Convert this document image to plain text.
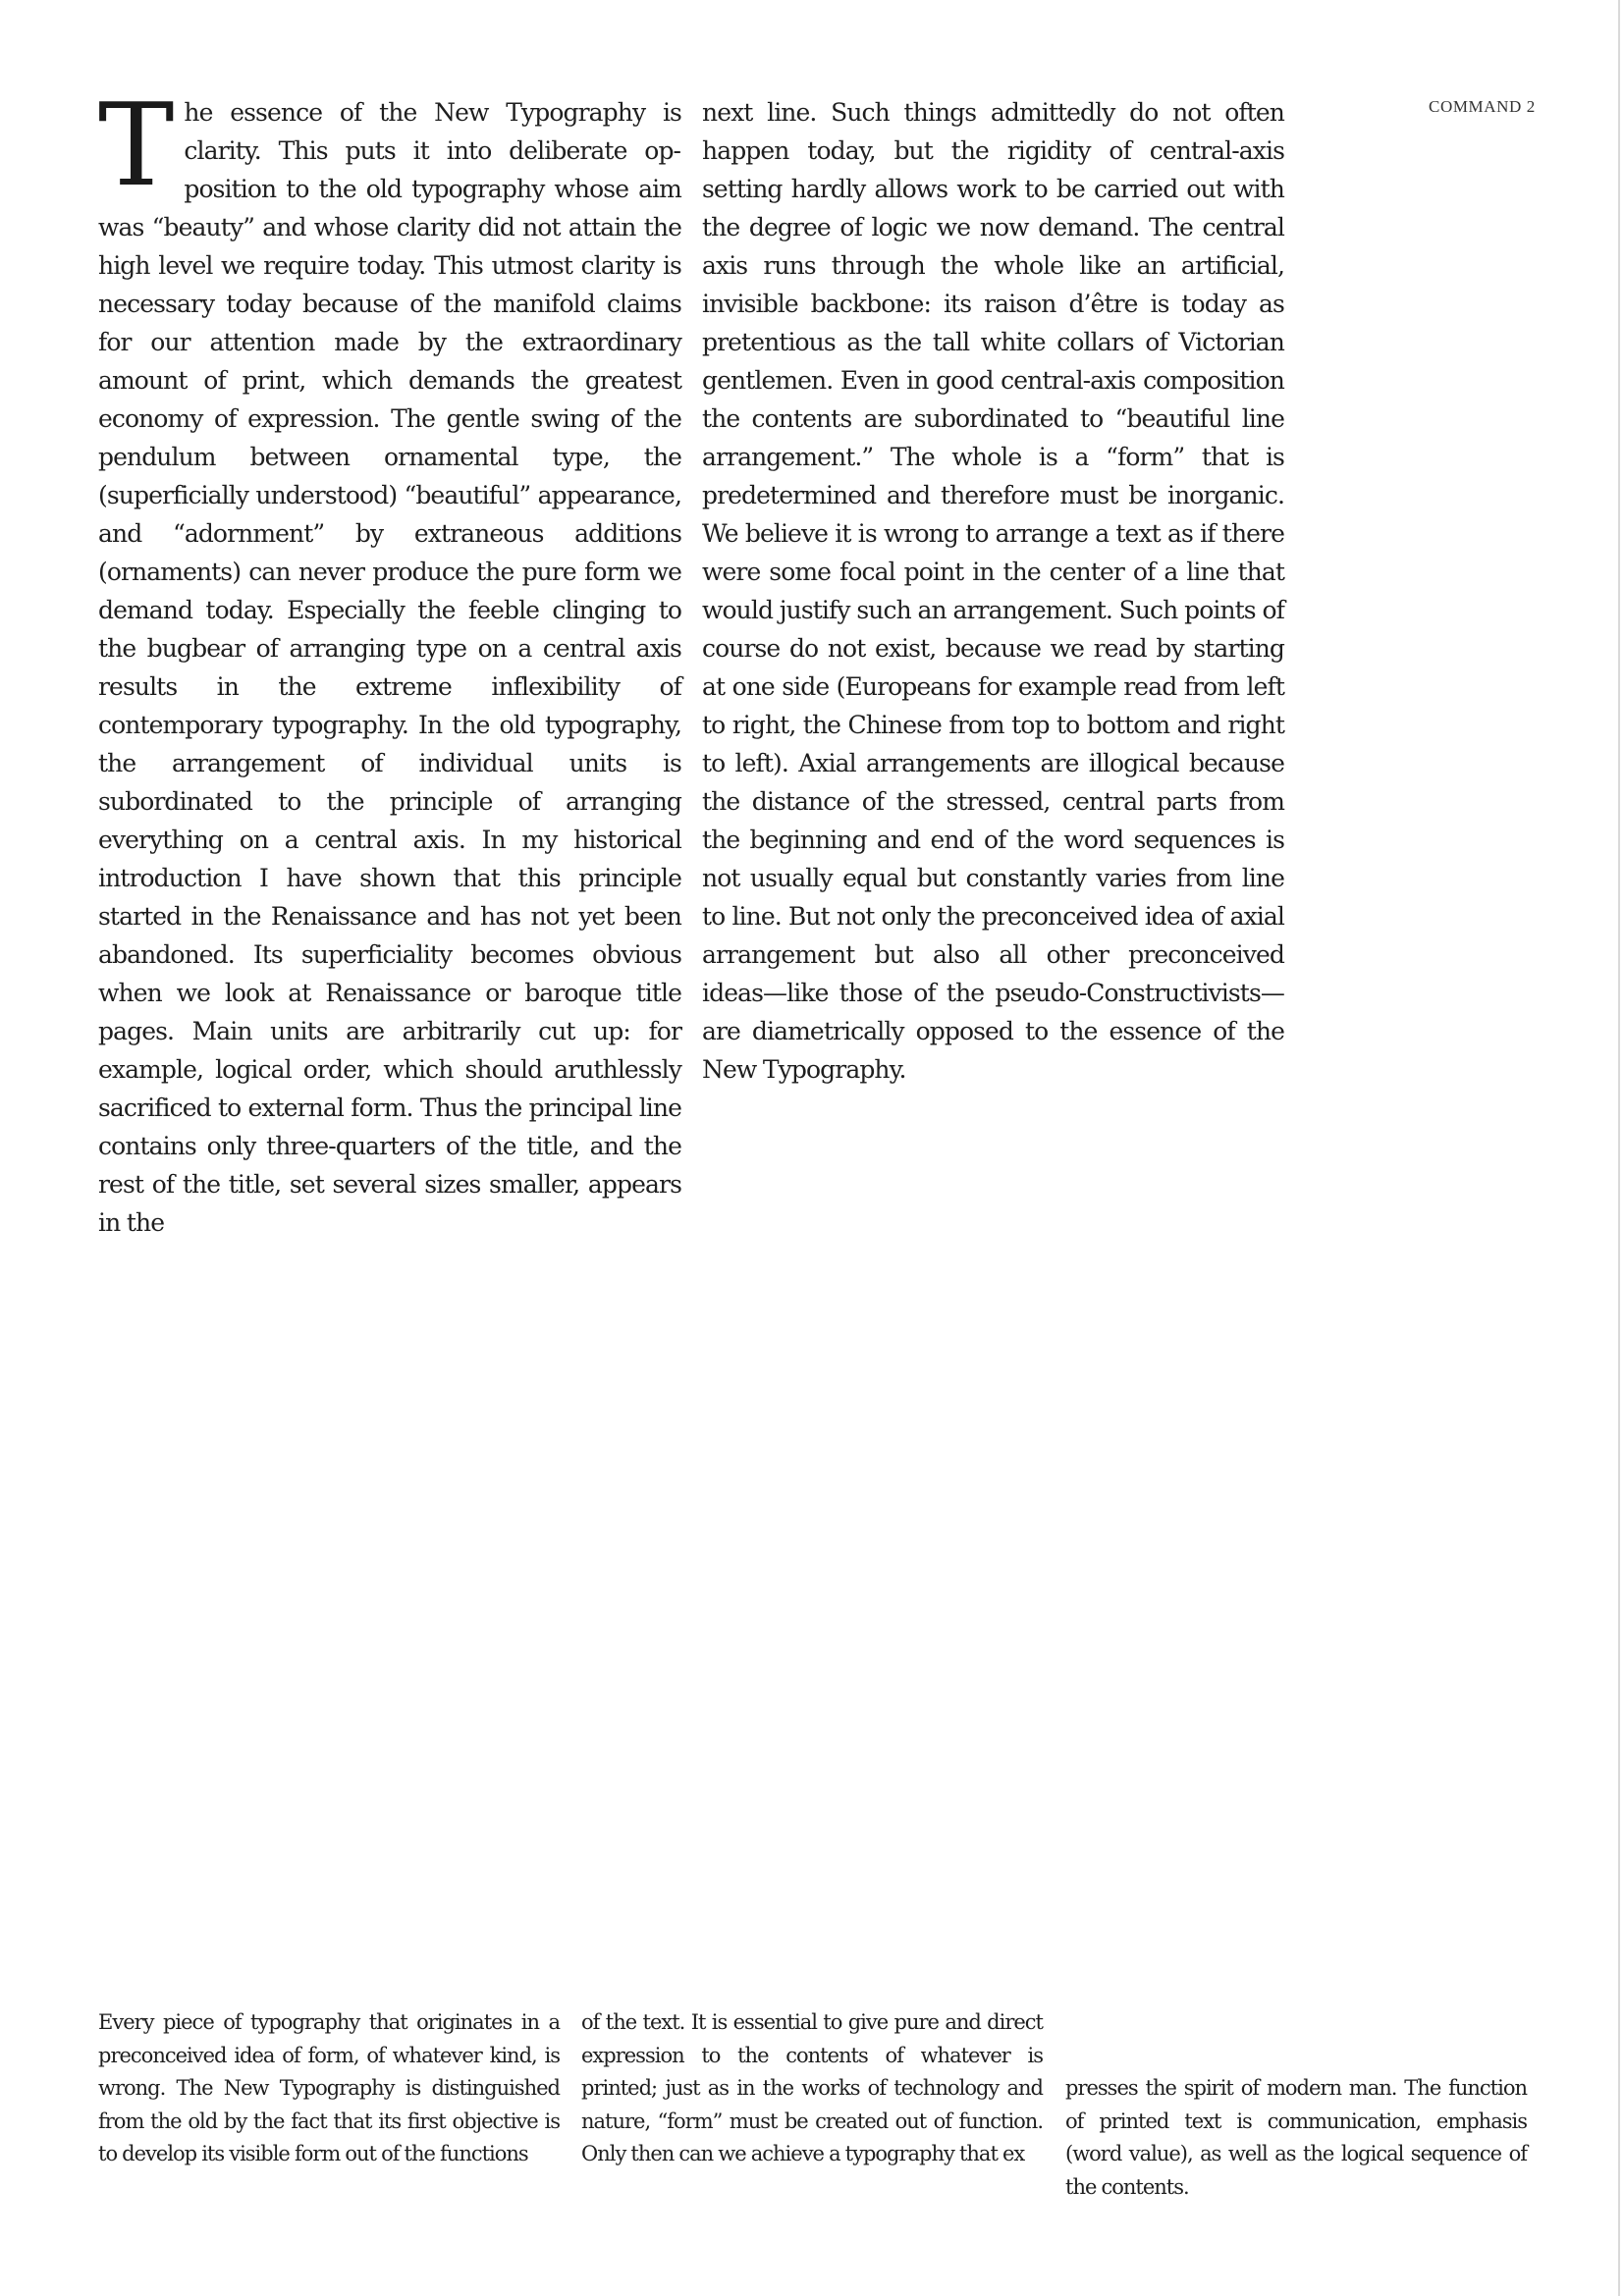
COMMAND 2

The essence of the New Typography is clarity. This puts it into deliberate opposition to the old typography whose aim was “beauty” and whose clarity did not attain the high level we require today. This utmost clarity is necessary today because of the manifold claims for our attention made by the extraordinary amount of print, which demands the greatest economy of expression. The gentle swing of the pendulum between ornamental type, the (superficially understood) “beautiful” appearance, and “adornment” by extraneous additions (ornaments) can never produce the pure form we demand today. Especially the feeble clinging to the bugbear of arranging type on a central axis results in the extreme inflexibility of contemporary typography. In the old typography, the arrangement of individual units is subordinated to the principle of arranging everything on a central axis. In my historical introduction I have shown that this principle started in the Renaissance and has not yet been abandoned. Its superficiality becomes obvious when we look at Renaissance or baroque title pages. Main units are arbitrarily cut up: for example, logical order, which should aruthlessly sacrificed to external form. Thus the principal line contains only three-quarters of the title, and the rest of the title, set several sizes smaller, appears in the

next line. Such things admittedly do not often happen today, but the rigidity of central-axis setting hardly allows work to be carried out with the degree of logic we now demand. The central axis runs through the whole like an artificial, invisible backbone: its raison d’être is today as pretentious as the tall white collars of Victorian gentlemen. Even in good central-axis composition the contents are subordinated to “beautiful line arrangement.” The whole is a “form” that is predetermined and therefore must be inorganic. We believe it is wrong to arrange a text as if there were some focal point in the center of a line that would justify such an arrangement. Such points of course do not exist, because we read by starting at one side (Europeans for example read from left to right, the Chinese from top to bottom and right to left). Axial arrangements are illogical because the distance of the stressed, central parts from the beginning and end of the word sequences is not usually equal but constantly varies from line to line. But not only the preconceived idea of axial arrangement but also all other preconceived ideas—like those of the pseudo-Constructivists—are diametrically opposed to the essence of the New Typography.

Every piece of typography that originates in a preconceived idea of form, of whatever kind, is wrong. The New Typography is distinguished from the old by the fact that its first objective is to develop its visible form out of the functions

of the text. It is essential to give pure and direct expression to the contents of whatever is printed; just as in the works of technology and nature, “form” must be created out of function. Only then can we achieve a typography that ex

presses the spirit of modern man. The function of printed text is communication, emphasis (word value), as well as the logical sequence of the contents.
